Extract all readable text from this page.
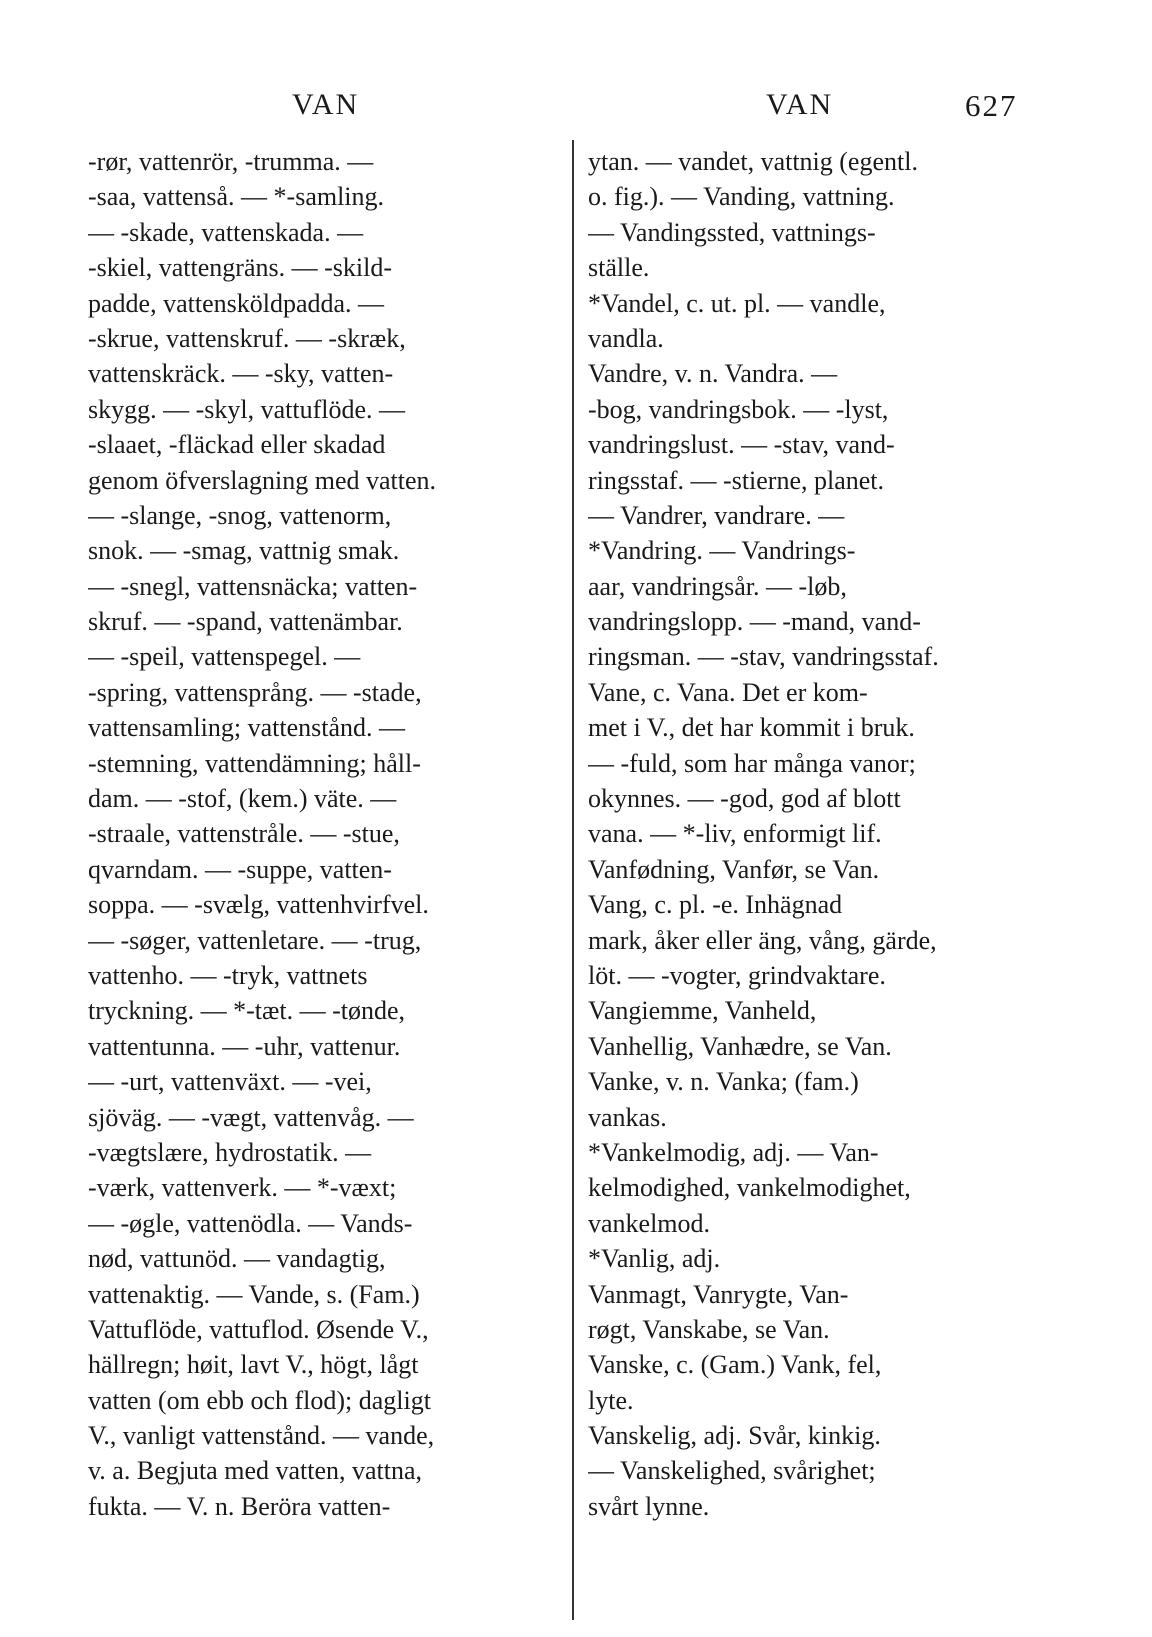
VAN	VAN	627
-rør, vattenrör, -trumma. —
-saa, vattenså. — *-samling.
— -skade, vattenskada. —
-skiel, vattengräns. — -skild-
padde, vattensköldpadda. —
-skrue, vattenskruf. — -skræk,
vattenskräck. — -sky, vatten-
skygg. — -skyl, vattuflöde. —
-slaaet, -fläckad eller skadad
genom öfverslagning med vatten.
— -slange, -snog, vattenorm,
snok. — -smag, vattnig smak.
— -snegl, vattensnäcka; vatten-
skruf. — -spand, vattenämbar.
— -speil, vattenspegel. —
-spring, vattensprång. — -stade,
vattensamling; vattenstånd. —
-stemning, vattendämning; håll-
dam. — -stof, (kem.) väte. —
-straale, vattenstråle. — -stue,
qvarndam. — -suppe, vatten-
soppa. — -svælg, vattenhvirfvel.
— -søger, vattenletare. — -trug,
vattenho. — -tryk, vattnets
tryckning. — *-tæt. — -tønde,
vattentunna. — -uhr, vattenur.
— -urt, vattenväxt. — -vei,
sjöväg. — -vægt, vattenvåg. —
-vægtslære, hydrostatik. —
-værk, vattenverk. — *-væxt;
— -øgle, vattenödla. — Vands-
nød, vattunöd. — vandagtig,
vattenaktig. — Vande, s. (Fam.)
Vattuflöde, vattuflod. Øsende V.,
hällregn; høit, lavt V., högt, lågt
vatten (om ebb och flod); dagligt
V., vanligt vattenstånd. — vande,
v. a. Begjuta med vatten, vattna,
fukta. — V. n. Beröra vatten-
ytan. — vandet, vattnig (egentl.
o. fig.). — Vanding, vattning.
— Vandingssted, vattnings-
ställe.
*Vandel, c. ut. pl. — vandle,
vandla.
Vandre, v. n. Vandra. —
-bog, vandringsbok. — -lyst,
vandringslust. — -stav, vand-
ringsstaf. — -stierne, planet.
— Vandrer, vandrare. —
*Vandring. — Vandrings-
aar, vandringsår. — -løb,
vandringslopp. — -mand, vand-
ringsman. — -stav, vandringsstaf.
Vane, c. Vana. Det er kom-
met i V., det har kommit i bruk.
— -fuld, som har många vanor;
okynnes. — -god, god af blott
vana. — *-liv, enformigt lif.
Vanfødning, Vanfør, se Van.
Vang, c. pl. -e. Inhägnad
mark, åker eller äng, vång, gärde,
löt. — -vogter, grindvaktare.
Vangiemme, Vanheld,
Vanhellig, Vanhædre, se Van.
Vanke, v. n. Vanka; (fam.)
vankas.
*Vankelmodig, adj. — Van-
kelmodighed, vankelmodighet,
vankelmod.
*Vanlig, adj.
Vanmagt, Vanrygte, Van-
røgt, Vanskabe, se Van.
Vanske, c. (Gam.) Vank, fel,
lyte.
Vanskelig, adj. Svår, kinkig.
— Vanskelighed, svårighet;
svårt lynne.
